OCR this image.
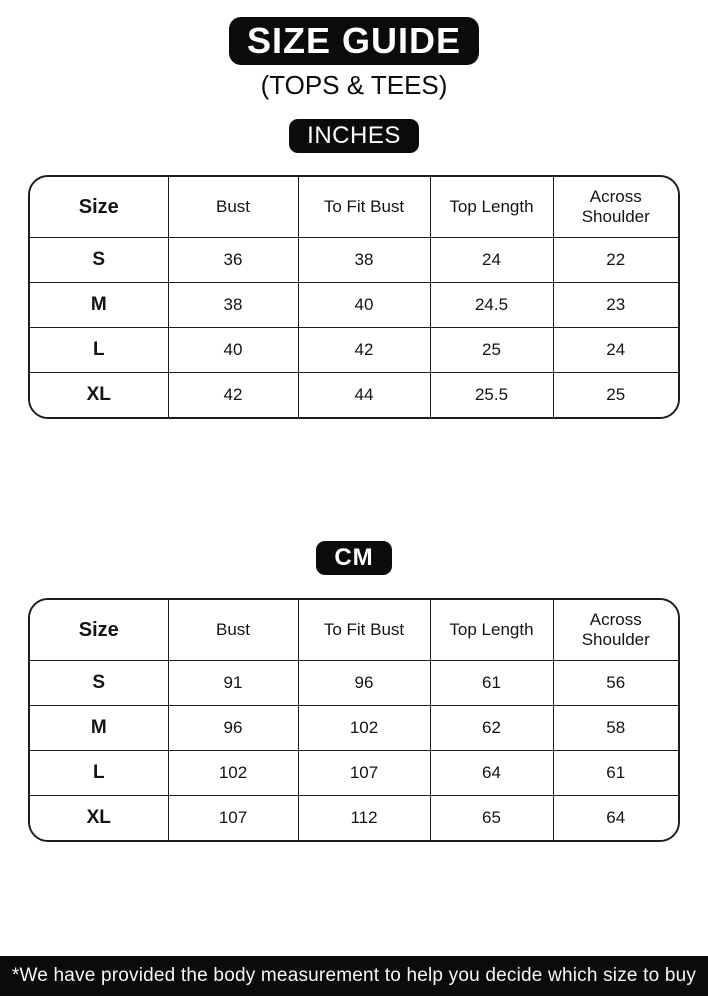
SIZE GUIDE
(TOPS & TEES)
INCHES
Size	Bust	To Fit Bust	Top Length	Across Shoulder
S	36	38	24	22
M	38	40	24.5	23
L	40	42	25	24
XL	42	44	25.5	25
CM
Size	Bust	To Fit Bust	Top Length	Across Shoulder
S	91	96	61	56
M	96	102	62	58
L	102	107	64	61
XL	107	112	65	64
*We have provided the body measurement to help you decide which size to buy
